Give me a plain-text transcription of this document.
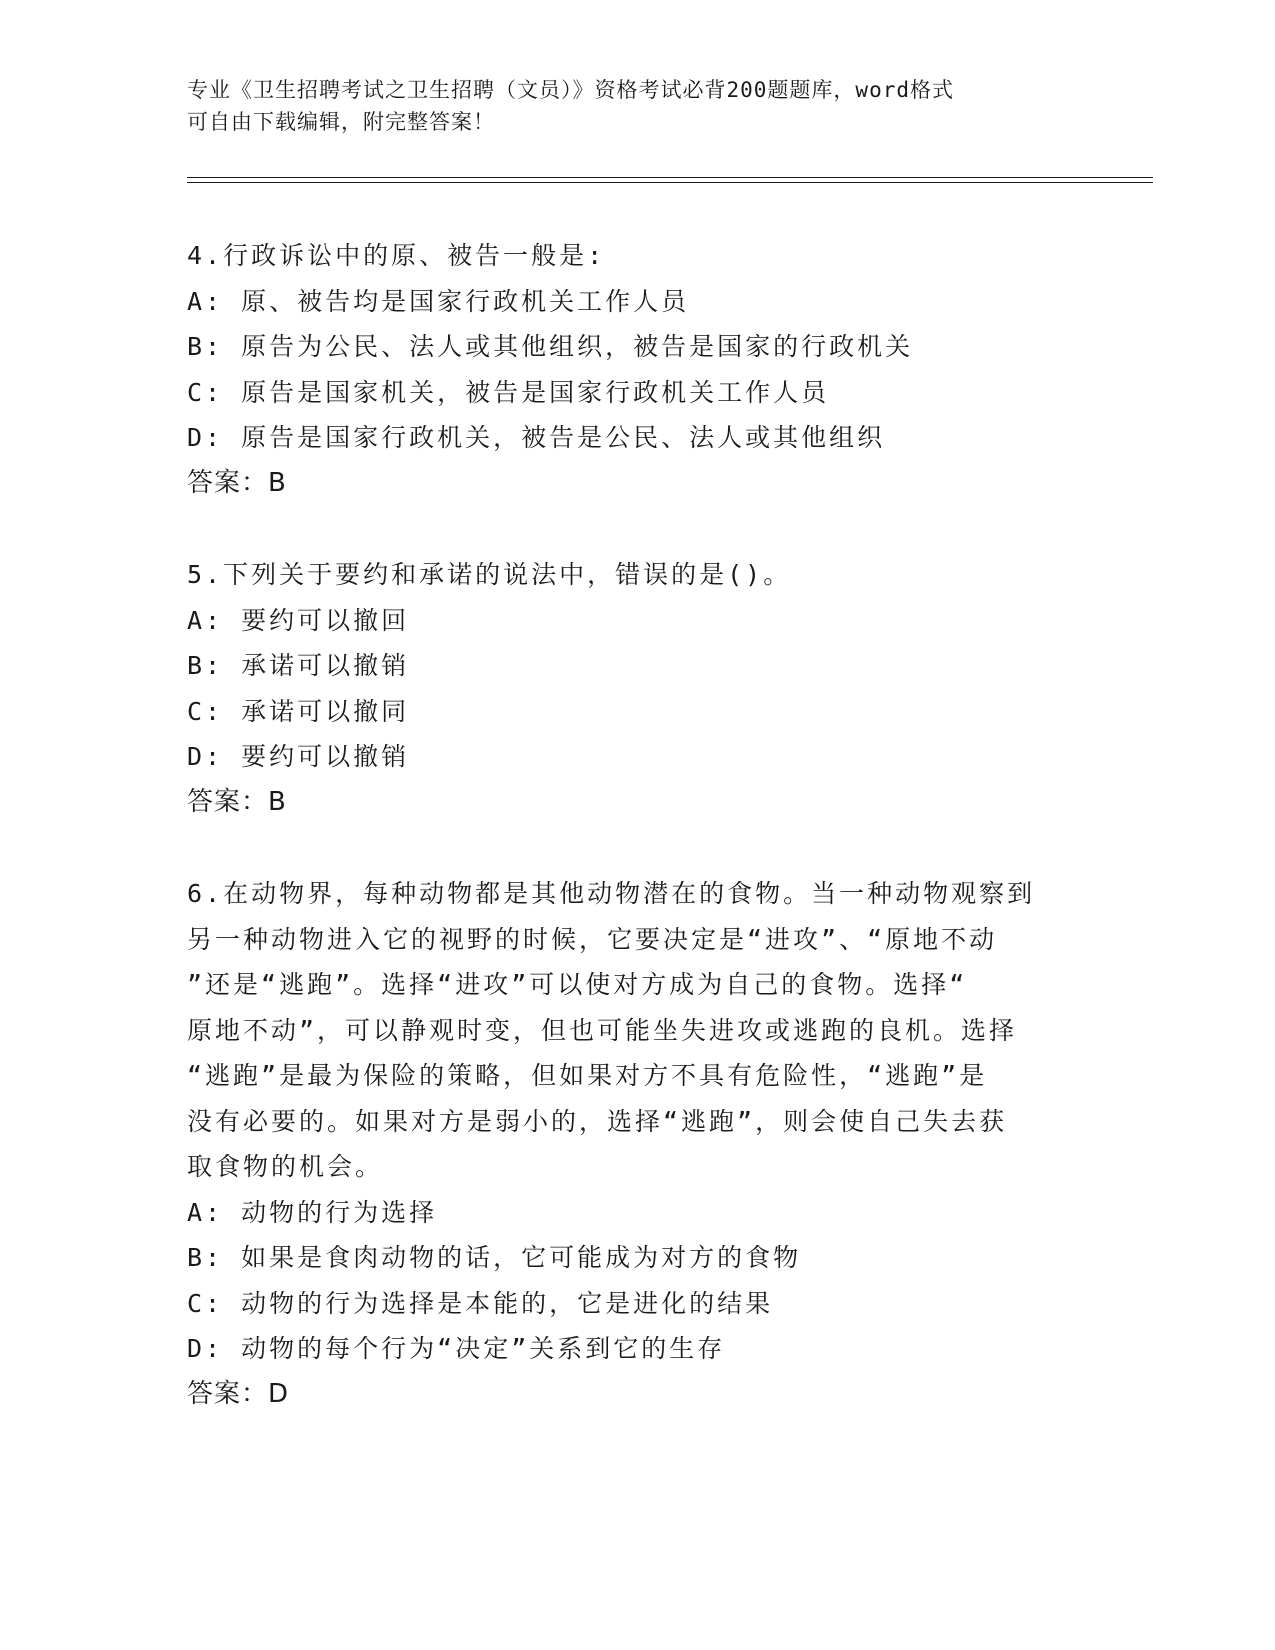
专业《卫生招聘考试之卫生招聘（文员）》资格考试必背200题题库，word格式
可自由下载编辑，附完整答案！
4.行政诉讼中的原、被告一般是:
A: 原、被告均是国家行政机关工作人员
B: 原告为公民、法人或其他组织，被告是国家的行政机关
C: 原告是国家机关，被告是国家行政机关工作人员
D: 原告是国家行政机关，被告是公民、法人或其他组织
答案：B
5.下列关于要约和承诺的说法中，错误的是()。
A: 要约可以撤回
B: 承诺可以撤销
C: 承诺可以撤同
D: 要约可以撤销
答案：B
6.在动物界，每种动物都是其他动物潜在的食物。当一种动物观察到
另一种动物进入它的视野的时候，它要决定是“进攻”、“原地不动
”还是“逃跑”。选择“进攻”可以使对方成为自己的食物。选择“
原地不动”，可以静观时变，但也可能坐失进攻或逃跑的良机。选择
“逃跑”是最为保险的策略，但如果对方不具有危险性，“逃跑”是
没有必要的。如果对方是弱小的，选择“逃跑”，则会使自己失去获
取食物的机会。
A: 动物的行为选择
B: 如果是食肉动物的话，它可能成为对方的食物
C: 动物的行为选择是本能的，它是进化的结果
D: 动物的每个行为“决定”关系到它的生存
答案：D
